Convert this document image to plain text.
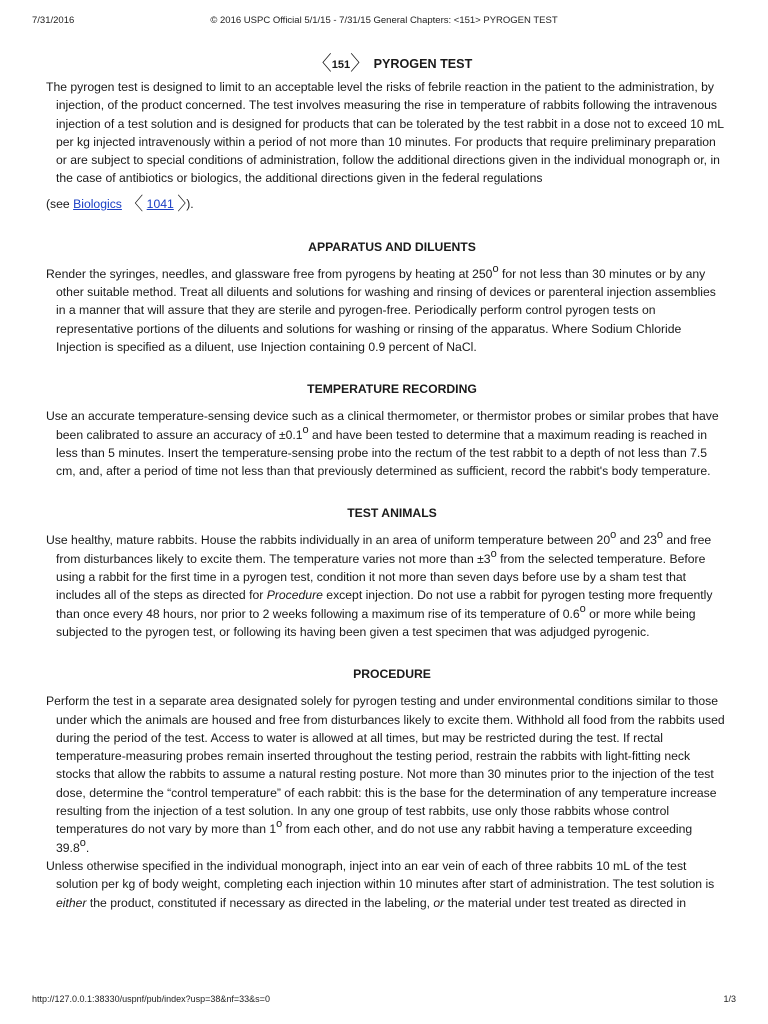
7/31/2016	© 2016 USPC Official 5/1/15 - 7/31/15 General Chapters: <151> PYROGEN TEST
〈151〉 PYROGEN TEST
The pyrogen test is designed to limit to an acceptable level the risks of febrile reaction in the patient to the administration, by injection, of the product concerned. The test involves measuring the rise in temperature of rabbits following the intravenous injection of a test solution and is designed for products that can be tolerated by the test rabbit in a dose not to exceed 10 mL per kg injected intravenously within a period of not more than 10 minutes. For products that require preliminary preparation or are subject to special conditions of administration, follow the additional directions given in the individual monograph or, in the case of antibiotics or biologics, the additional directions given in the federal regulations
(see Biologics 〈 1041 〉).
APPARATUS AND DILUENTS
Render the syringes, needles, and glassware free from pyrogens by heating at 250$^o$ for not less than 30 minutes or by any other suitable method. Treat all diluents and solutions for washing and rinsing of devices or parenteral injection assemblies in a manner that will assure that they are sterile and pyrogen-free. Periodically perform control pyrogen tests on representative portions of the diluents and solutions for washing or rinsing of the apparatus. Where Sodium Chloride Injection is specified as a diluent, use Injection containing 0.9 percent of NaCl.
TEMPERATURE RECORDING
Use an accurate temperature-sensing device such as a clinical thermometer, or thermistor probes or similar probes that have been calibrated to assure an accuracy of $\pm 0.1^o$ and have been tested to determine that a maximum reading is reached in less than 5 minutes. Insert the temperature-sensing probe into the rectum of the test rabbit to a depth of not less than 7.5 cm, and, after a period of time not less than that previously determined as sufficient, record the rabbit's body temperature.
TEST ANIMALS
Use healthy, mature rabbits. House the rabbits individually in an area of uniform temperature between 20$^o$ and 23$^o$ and free from disturbances likely to excite them. The temperature varies not more than $\pm 3^o$ from the selected temperature. Before using a rabbit for the first time in a pyrogen test, condition it not more than seven days before use by a sham test that includes all of the steps as directed for Procedure except injection. Do not use a rabbit for pyrogen testing more frequently than once every 48 hours, nor prior to 2 weeks following a maximum rise of its temperature of 0.6$^o$ or more while being subjected to the pyrogen test, or following its having been given a test specimen that was adjudged pyrogenic.
PROCEDURE
Perform the test in a separate area designated solely for pyrogen testing and under environmental conditions similar to those under which the animals are housed and free from disturbances likely to excite them. Withhold all food from the rabbits used during the period of the test. Access to water is allowed at all times, but may be restricted during the test. If rectal temperature-measuring probes remain inserted throughout the testing period, restrain the rabbits with light-fitting neck stocks that allow the rabbits to assume a natural resting posture. Not more than 30 minutes prior to the injection of the test dose, determine the “control temperature” of each rabbit: this is the base for the determination of any temperature increase resulting from the injection of a test solution. In any one group of test rabbits, use only those rabbits whose control temperatures do not vary by more than 1$^o$ from each other, and do not use any rabbit having a temperature exceeding 39.8$^o$.
Unless otherwise specified in the individual monograph, inject into an ear vein of each of three rabbits 10 mL of the test solution per kg of body weight, completing each injection within 10 minutes after start of administration. The test solution is either the product, constituted if necessary as directed in the labeling, or the material under test treated as directed in
http://127.0.0.1:38330/uspnf/pub/index?usp=38&nf=33&s=0	1/3
